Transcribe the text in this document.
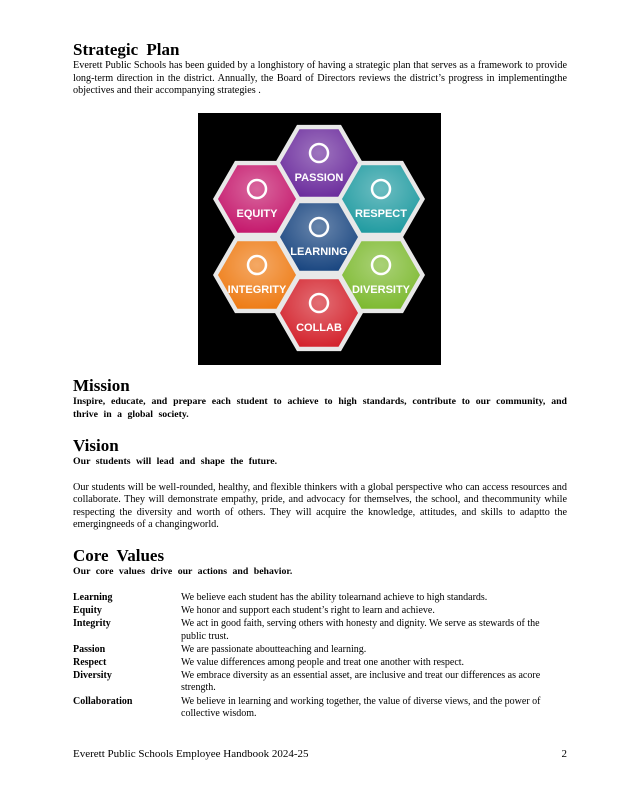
Strategic Plan

Everett Public Schools has been guided by a longhistory of having a strategic plan that serves as a framework to provide long-term direction in the district. Annually, the Board of Directors reviews the district’s progress in implementingthe objectives and their accompanying strategies .

PASSION
EQUITY	RESPECT
LEARNING
INTEGRITY	DIVERSITY
COLLAB
Mission

Inspire, educate, and prepare each student to achieve to high standards, contribute to our community, and thrive in a global society.

Vision

Our students will lead and shape the future.

Our students will be well-rounded, healthy, and flexible thinkers with a global perspective who can access resources and collaborate. They will demonstrate empathy, pride, and advocacy for themselves, the school, and thecommunity while respecting the diversity and worth of others. They will acquire the knowledge, attitudes, and skills to adaptto the emergingneeds of a changingworld.

Core Values

Our core values drive our actions and behavior.

Learning	We believe each student has the ability tolearnand achieve to high standards.
Equity	We honor and support each student’s right to learn and achieve.
Integrity	We act in good faith, serving others with honesty and dignity. We serve as stewards of the public trust.
Passion	We are passionate aboutteaching and learning.
Respect	We value differences among people and treat one another with respect.
Diversity	We embrace diversity as an essential asset, are inclusive and treat our differences as acore strength.
Collaboration	We believe in learning and working together, the value of diverse views, and the power of collective wisdom.
Everett Public Schools Employee Handbook 2024-25	2
